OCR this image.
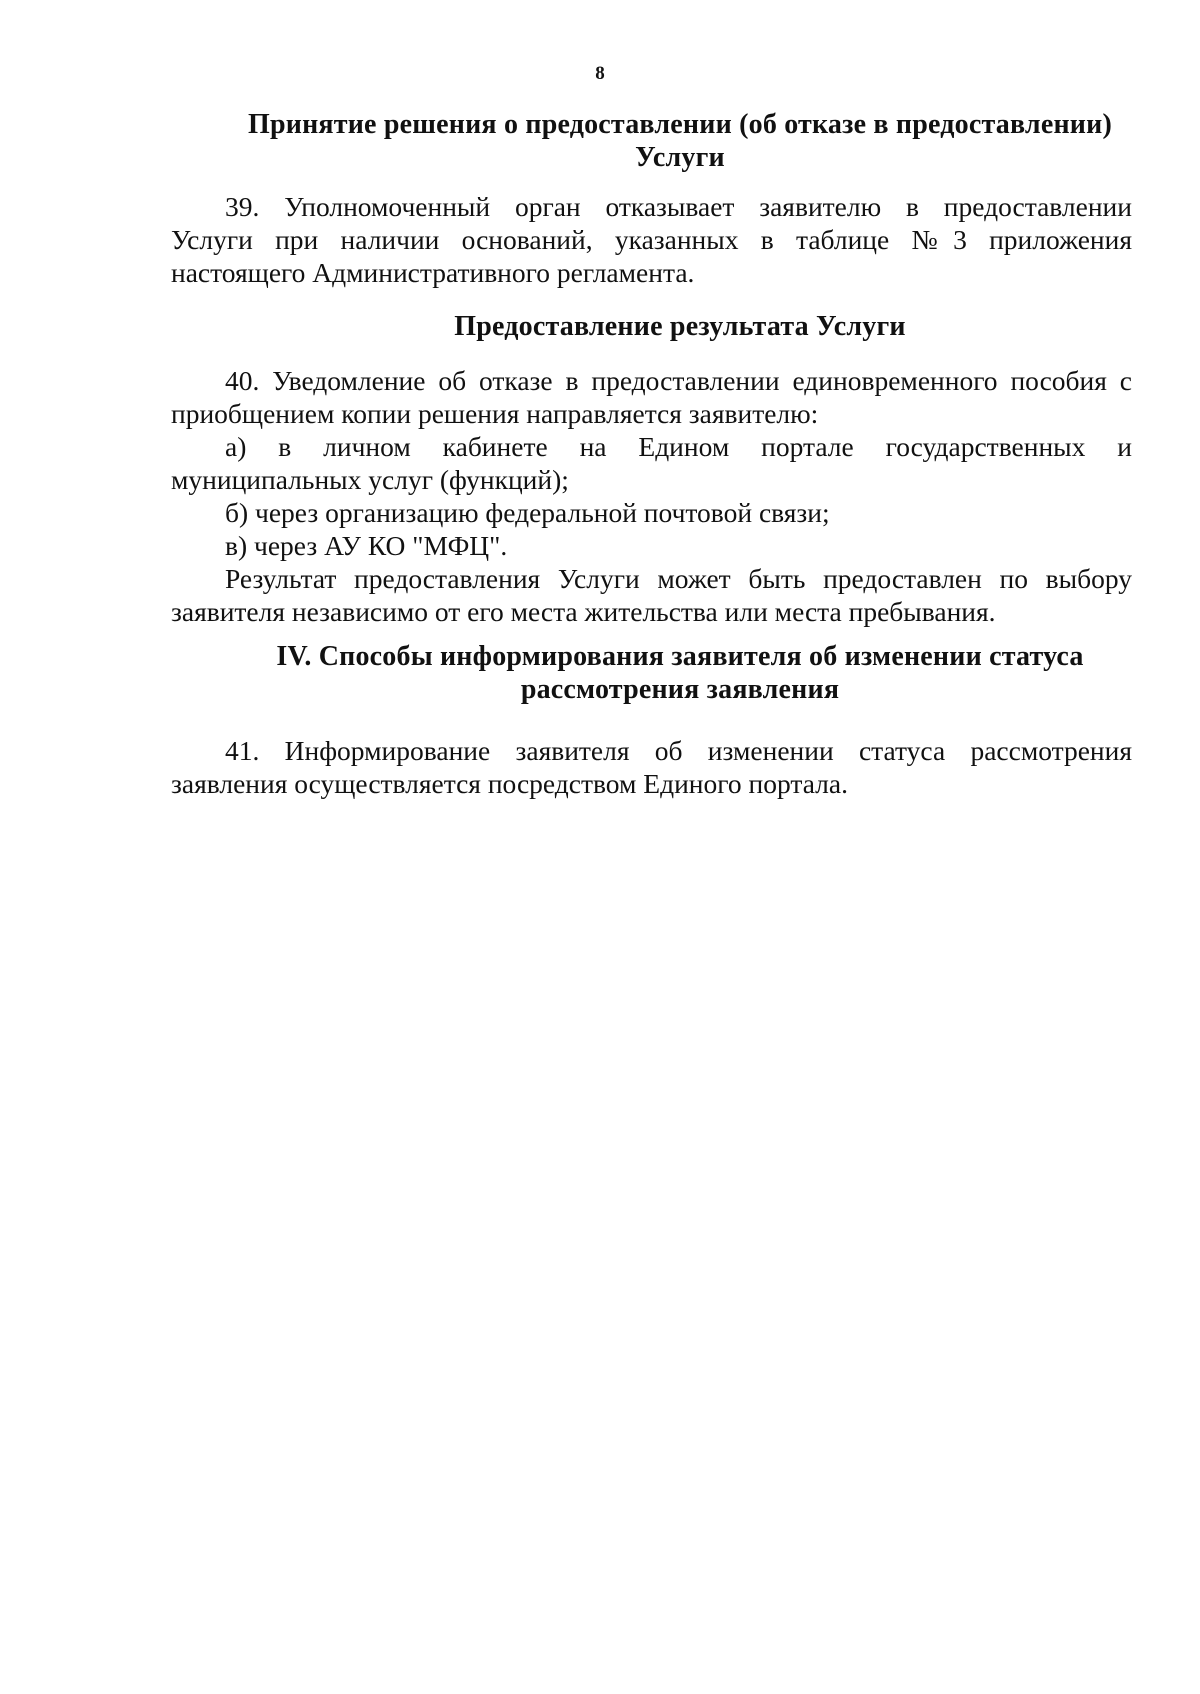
8
Принятие решения о предоставлении (об отказе в предоставлении)
Услуги
39. Уполномоченный орган отказывает заявителю в предоставлении
Услуги при наличии оснований, указанных в таблице №3 приложения
настоящего Административного регламента.
Предоставление результата Услуги
40. Уведомление об отказе в предоставлении единовременного пособия с
приобщением копии решения направляется заявителю:
а) в личном кабинете на Едином портале государственных и
муниципальных услуг (функций);
б) через организацию федеральной почтовой связи;
в) через АУ КО "МФЦ".
Результат предоставления Услуги может быть предоставлен по выбору
заявителя независимо от его места жительства или места пребывания.
IV. Способы информирования заявителя об изменении статуса
рассмотрения заявления
41. Информирование заявителя об изменении статуса рассмотрения
заявления осуществляется посредством Единого портала.
